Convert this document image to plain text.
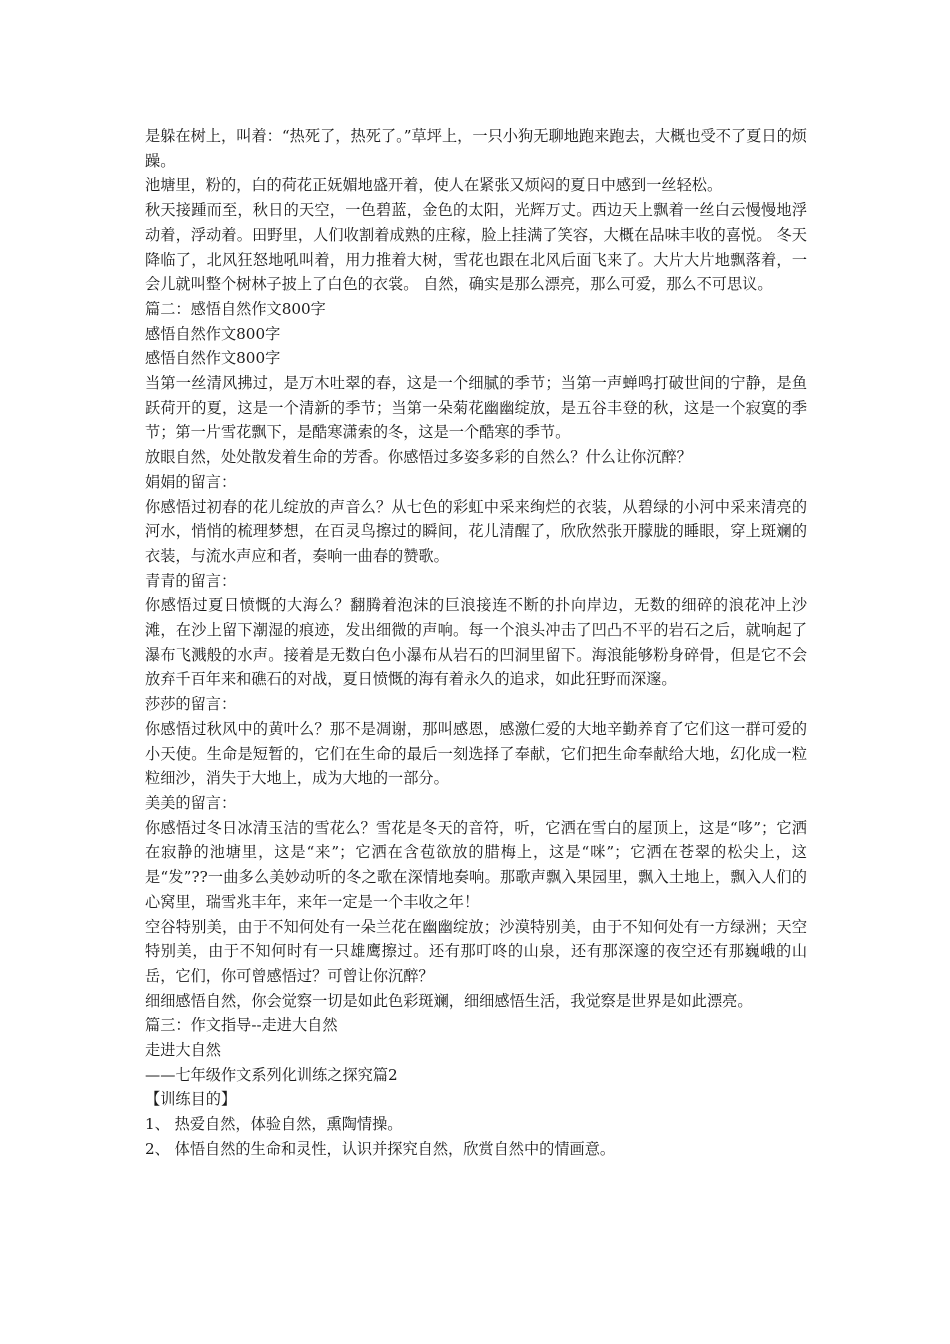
是躲在树上，叫着：“热死了，热死了。”草坪上，一只小狗无聊地跑来跑去，大概也受不了夏日的烦躁。

池塘里，粉的，白的荷花正妩媚地盛开着，使人在紧张又烦闷的夏日中感到一丝轻松。

秋天接踵而至，秋日的天空，一色碧蓝，金色的太阳，光辉万丈。西边天上飘着一丝白云慢慢地浮动着，浮动着。田野里，人们收割着成熟的庄稼，脸上挂满了笑容，大概在品味丰收的喜悦。 冬天降临了，北风狂怒地吼叫着，用力推着大树，雪花也跟在北风后面飞来了。大片大片地飘落着，一会儿就叫整个树林子披上了白色的衣裳。 自然，确实是那么漂亮，那么可爱，那么不可思议。

篇二：感悟自然作文800字

感悟自然作文800字

感悟自然作文800字

当第一丝清风拂过，是万木吐翠的春，这是一个细腻的季节；当第一声蝉鸣打破世间的宁静，是鱼跃荷开的夏，这是一个清新的季节；当第一朵菊花幽幽绽放，是五谷丰登的秋，这是一个寂寞的季节；第一片雪花飘下，是酷寒潇索的冬，这是一个酷寒的季节。

放眼自然，处处散发着生命的芳香。你感悟过多姿多彩的自然么？什么让你沉醉？

娟娟的留言：

你感悟过初春的花儿绽放的声音么？从七色的彩虹中采来绚烂的衣装，从碧绿的小河中采来清亮的河水，悄悄的梳理梦想，在百灵鸟擦过的瞬间，花儿清醒了，欣欣然张开朦胧的睡眼，穿上斑斓的衣装，与流水声应和者，奏响一曲春的赞歌。

青青的留言：

你感悟过夏日愤慨的大海么？翻腾着泡沫的巨浪接连不断的扑向岸边，无数的细碎的浪花冲上沙滩，在沙上留下潮湿的痕迹，发出细微的声响。每一个浪头冲击了凹凸不平的岩石之后，就响起了瀑布飞溅般的水声。接着是无数白色小瀑布从岩石的凹洞里留下。海浪能够粉身碎骨，但是它不会放弃千百年来和礁石的对战，夏日愤慨的海有着永久的追求，如此狂野而深邃。

莎莎的留言：

你感悟过秋风中的黄叶么？那不是凋谢，那叫感恩，感激仁爱的大地辛勤养育了它们这一群可爱的小天使。生命是短暂的，它们在生命的最后一刻选择了奉献，它们把生命奉献给大地，幻化成一粒粒细沙，消失于大地上，成为大地的一部分。

美美的留言：

你感悟过冬日冰清玉洁的雪花么？雪花是冬天的音符，听，它洒在雪白的屋顶上，这是“哆”；它洒在寂静的池塘里，这是“来”；它洒在含苞欲放的腊梅上，这是“咪”；它洒在苍翠的松尖上，这是“发”??一曲多么美妙动听的冬之歌在深情地奏响。那歌声飘入果园里，飘入土地上，飘入人们的心窝里，瑞雪兆丰年，来年一定是一个丰收之年！

空谷特别美，由于不知何处有一朵兰花在幽幽绽放；沙漠特别美，由于不知何处有一方绿洲；天空特别美，由于不知何时有一只雄鹰擦过。还有那叮咚的山泉，还有那深邃的夜空还有那巍峨的山岳，它们，你可曾感悟过？可曾让你沉醉？

细细感悟自然，你会觉察一切是如此色彩斑斓，细细感悟生活，我觉察是世界是如此漂亮。

篇三：作文指导--走进大自然

走进大自然

——七年级作文系列化训练之探究篇2

【训练目的】

1、 热爱自然，体验自然，熏陶情操。

2、 体悟自然的生命和灵性，认识并探究自然，欣赏自然中的情画意。
